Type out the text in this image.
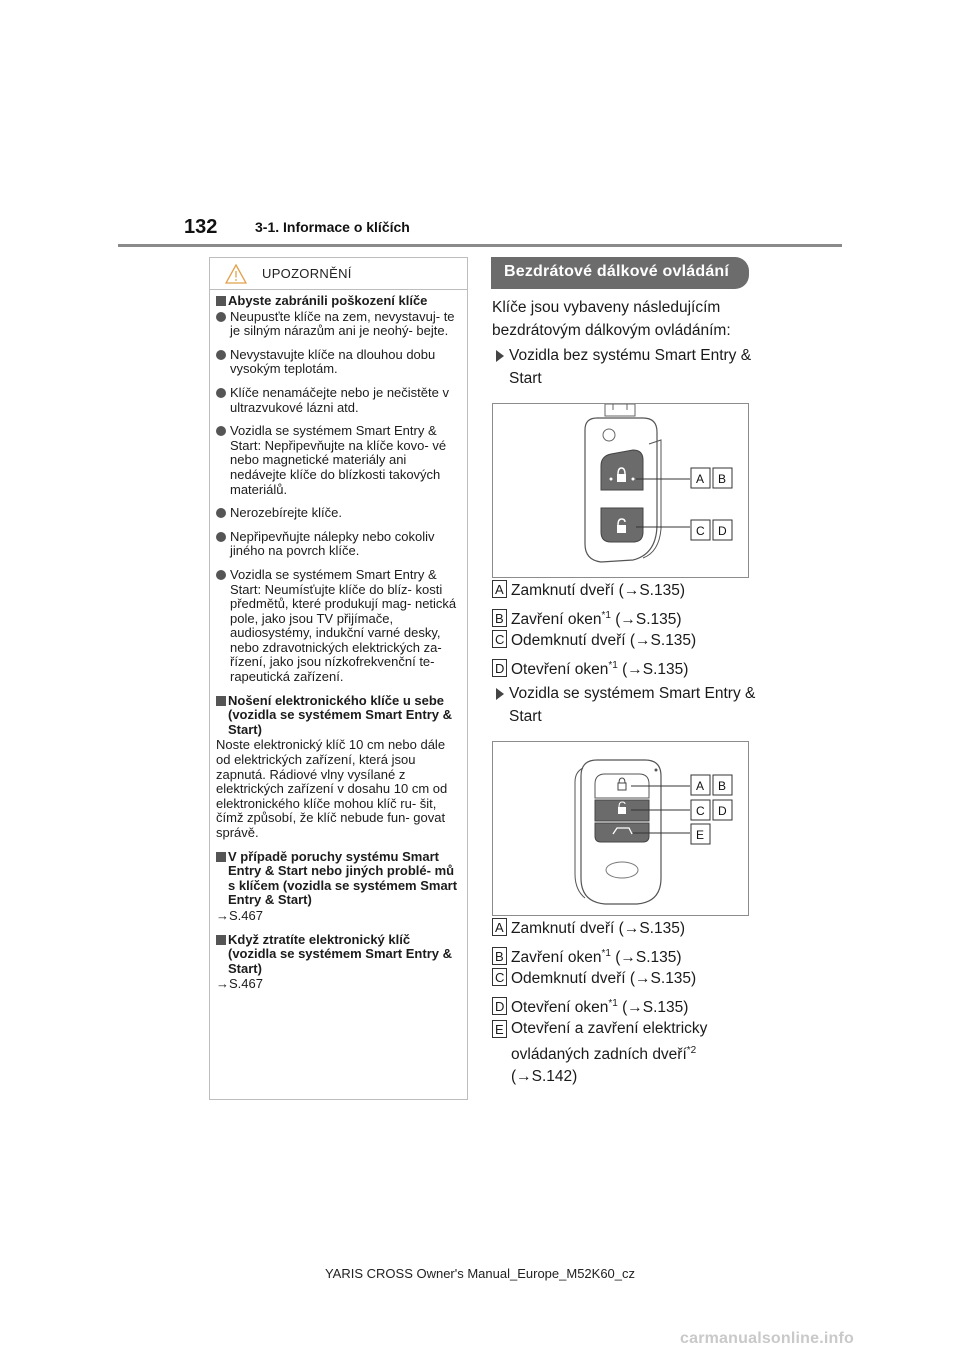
132	3-1. Informace o klíčích
UPOZORNĚNÍ
Abyste zabránili poškození klíče
Neupusťte klíče na zem, nevystavuj- te je silným nárazům ani je neohý- bejte.
Nevystavujte klíče na dlouhou dobu vysokým teplotám.
Klíče nenamáčejte nebo je nečistěte v ultrazvukové lázni atd.
Vozidla se systémem Smart Entry & Start: Nepřipevňujte na klíče kovo- vé nebo magnetické materiály ani nedávejte klíče do blízkosti takových materiálů.
Nerozebírejte klíče.
Nepřipevňujte nálepky nebo cokoliv jiného na povrch klíče.
Vozidla se systémem Smart Entry & Start: Neumísťujte klíče do blíz- kosti předmětů, které produkují mag- netická pole, jako jsou TV přijímače, audiosystémy, indukční varné desky, nebo zdravotnických elektrických za- řízení, jako jsou nízkofrekvenční te- rapeutická zařízení.
Nošení elektronického klíče u sebe (vozidla se systémem Smart Entry & Start)
Noste elektronický klíč 10 cm nebo dále od elektrických zařízení, která jsou zapnutá. Rádiové vlny vysílané z elektrických zařízení v dosahu 10 cm od elektronického klíče mohou klíč ru- šit, čímž způsobí, že klíč nebude fun- govat správě.
V případě poruchy systému Smart Entry & Start nebo jiných problé- mů s klíčem (vozidla se systémem Smart Entry & Start)
→S.467
Když ztratíte elektronický klíč (vozidla se systémem Smart Entry & Start)
→S.467
Bezdrátové dálkové ovládání
Klíče jsou vybaveny následujícím bezdrátovým dálkovým ovládáním:
Vozidla bez systému Smart Entry & Start
A B
C D
A Zamknutí dveří (→S.135)
B Zavření oken$^{*1}$ (→S.135)
C Odemknutí dveří (→S.135)
D Otevření oken$^{*1}$ (→S.135)
Vozidla se systémem Smart Entry & Start
A B
C D
E
A Zamknutí dveří (→S.135)
B Zavření oken$^{*1}$ (→S.135)
C Odemknutí dveří (→S.135)
D Otevření oken$^{*1}$ (→S.135)
E Otevření a zavření elektricky ovládaných zadních dveří$^{*2}$
(→S.142)
YARIS CROSS Owner's Manual_Europe_M52K60_cz
carmanualsonline.info
